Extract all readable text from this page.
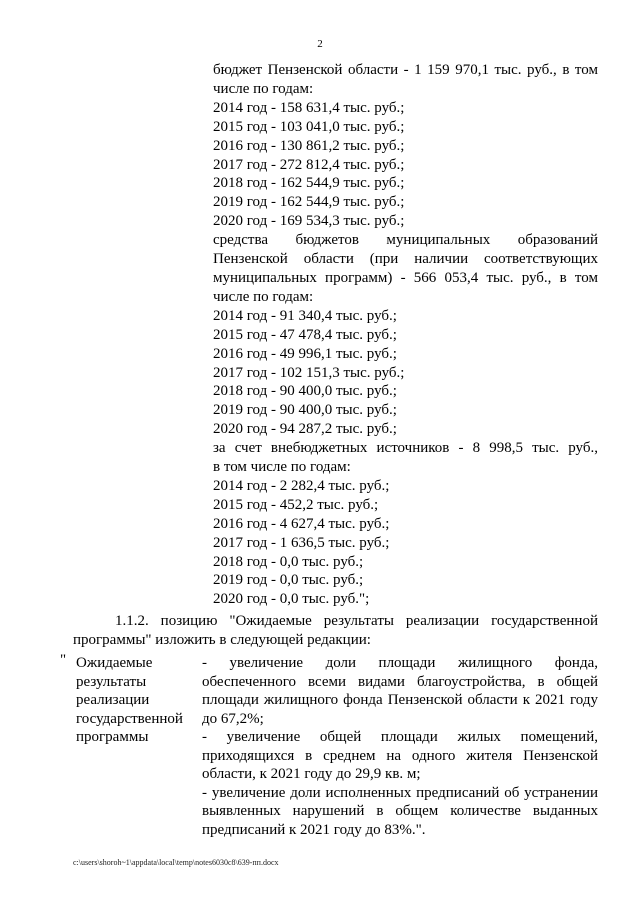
2
бюджет Пензенской области - 1 159 970,1 тыс. руб., в том
числе по годам:
2014 год - 158 631,4 тыс. руб.;
2015 год - 103 041,0 тыс. руб.;
2016 год - 130 861,2 тыс. руб.;
2017 год - 272 812,4 тыс. руб.;
2018 год - 162 544,9 тыс. руб.;
2019 год - 162 544,9 тыс. руб.;
2020 год - 169 534,3 тыс. руб.;
средства бюджетов муниципальных образований
Пензенской области (при наличии соответствующих
муниципальных программ) - 566 053,4 тыс. руб., в том
числе по годам:
2014 год - 91 340,4 тыс. руб.;
2015 год - 47 478,4 тыс. руб.;
2016 год - 49 996,1 тыс. руб.;
2017 год - 102 151,3 тыс. руб.;
2018 год - 90 400,0 тыс. руб.;
2019 год - 90 400,0 тыс. руб.;
2020 год - 94 287,2 тыс. руб.;
за счет внебюджетных источников - 8 998,5 тыс. руб.,
в том числе по годам:
2014 год - 2 282,4 тыс. руб.;
2015 год - 452,2 тыс. руб.;
2016 год - 4 627,4 тыс. руб.;
2017 год - 1 636,5 тыс. руб.;
2018 год - 0,0 тыс. руб.;
2019 год - 0,0 тыс. руб.;
2020 год - 0,0 тыс. руб.";
1.1.2. позицию "Ожидаемые результаты реализации государственной
программы" изложить в следующей редакции:
" Ожидаемые
результаты
реализации
государственной
программы
- увеличение доли площади жилищного фонда, обеспеченного всеми видами благоустройства, в общей площади жилищного фонда Пензенской области к 2021 году до 67,2%;
- увеличение общей площади жилых помещений, приходящихся в среднем на одного жителя Пензенской области, к 2021 году до 29,9 кв. м;
- увеличение доли исполненных предписаний об устранении выявленных нарушений в общем количестве выданных предписаний к 2021 году до 83%.".
c:\users\shoroh~1\appdata\local\temp\notes6030c8\639-пп.docx
